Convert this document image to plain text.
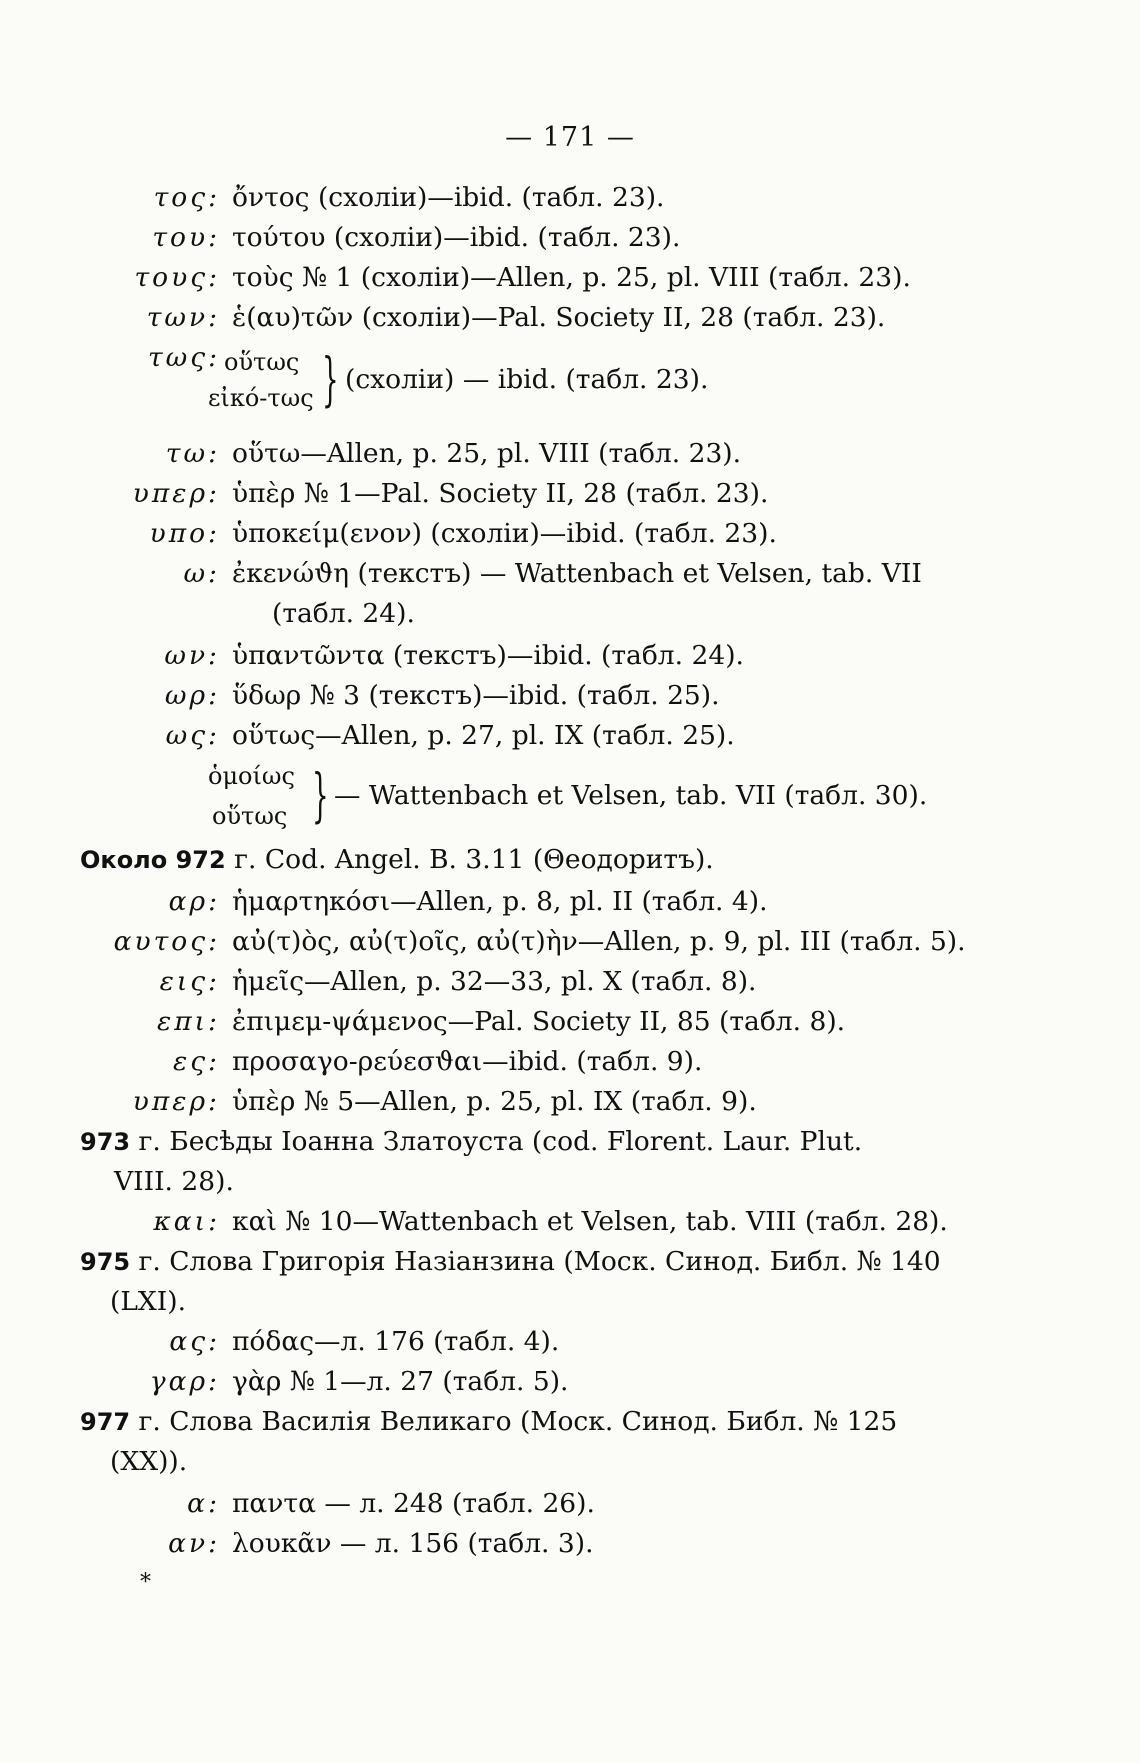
— 171 —
τος: ὄντος (схолiи)—ibid. (табл. 23).
του: τούτου (схолiи)—ibid. (табл. 23).
τους: τοὺς № 1 (схолiи)—Allen, p. 25, pl. VIII (табл. 23).
των: ἑ(αυ)τῶν (схолiи)—Pal. Society II, 28 (табл. 23).
τως: οὕτως
εἰκό-τως } (схолiи) — ibid. (табл. 23).
τω: οὕτω—Allen, p. 25, pl. VIII (табл. 23).
υπερ: ὑπὲρ № 1—Pal. Society II, 28 (табл. 23).
υπο: ὑποκείμ(ενον) (схолiи)—ibid. (табл. 23).
ω: ἐκενώϑη (текстъ) — Wattenbach et Velsen, tab. VII
(табл. 24).
ων: ὑπαντῶντα (текстъ)—ibid. (табл. 24).
ωρ: ὕδωρ № 3 (текстъ)—ibid. (табл. 25).
ως: οὕτως—Allen, p. 27, pl. IX (табл. 25).
ὁμοίως
οὕτως } — Wattenbach et Velsen, tab. VII (табл. 30).
Около 972 г. Cod. Angel. B. 3.11 (Θеодоритъ).
αρ: ἡμαρτηκόσι—Allen, p. 8, pl. II (табл. 4).
αυτος: αὐ(τ)ὸς, αὐ(τ)οῖς, αὐ(τ)ὴν—Allen, p. 9, pl. III (табл. 5).
εις: ἡμεῖς—Allen, p. 32—33, pl. X (табл. 8).
επι: ἐπιμεμ-ψάμενος—Pal. Society II, 85 (табл. 8).
ες: προσαγο-ρεύεσϑαι—ibid. (табл. 9).
υπερ: ὑπὲρ № 5—Allen, p. 25, pl. IX (табл. 9).
973 г. Бесѣды Iоанна Златоуста (cod. Florent. Laur. Plut.
VIII. 28).
και: καὶ № 10—Wattenbach et Velsen, tab. VIII (табл. 28).
975 г. Слова Григорiя Назiанзина (Моск. Синод. Библ. № 140
(LXI).
ας: πόδας—л. 176 (табл. 4).
γαρ: γὰρ № 1—л. 27 (табл. 5).
977 г. Слова Василiя Великаго (Моск. Синод. Библ. № 125
(XX)).
α: παντα — л. 248 (табл. 26).
αν: λουκᾶν — л. 156 (табл. 3).
*
